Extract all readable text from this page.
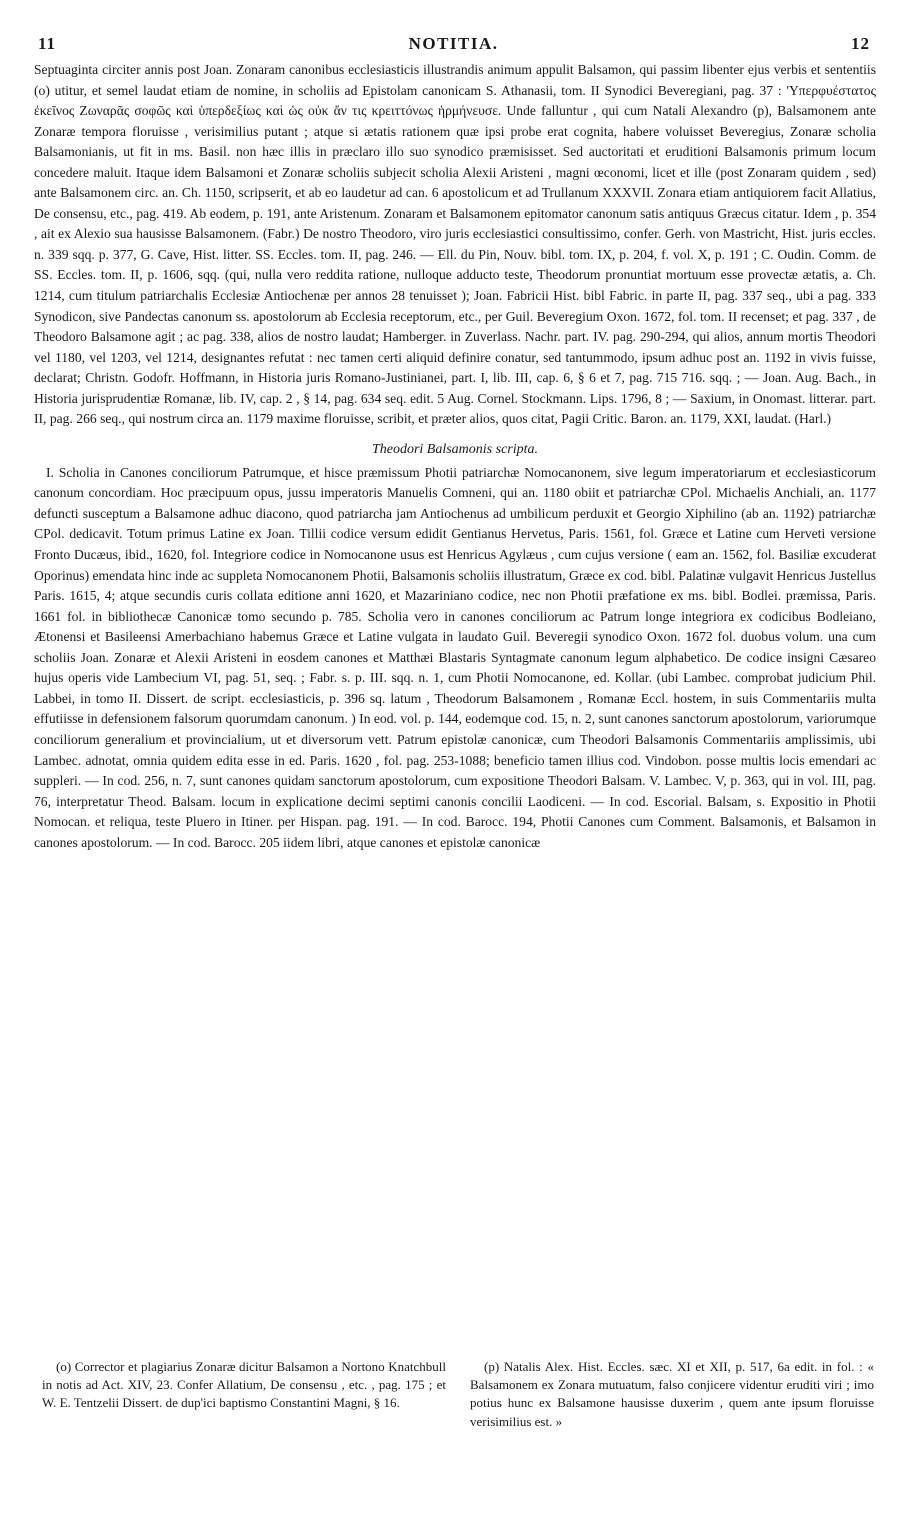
11	NOTITIA.	12

Septuaginta circiter annis post Joan. Zonaram canonibus ecclesiasticis illustrandis animum appulit Balsamon, qui passim libenter ejus verbis et sententiis (o) utitur, et semel laudat etiam de nomine, in scholiis ad Epistolam canonicam S. Athanasii, tom. II Synodici Beveregiani, pag. 37 : 'Υπερφυέστατος ἐκεῖνος Ζωναρᾶς σοφῶς καὶ ὑπερδεξίως καὶ ὡς οὐκ ἄν τις κρειττόνως ἡρμήνευσε. Unde falluntur , qui cum Natali Alexandro (p), Balsamonem ante Zonaræ tempora floruisse , verisimilius putant ; atque si ætatis rationem quæ ipsi probe erat cognita, habere voluisset Beveregius, Zonaræ scholia Balsamonianis, ut fit in ms. Basil. non hæc illis in præclaro illo suo synodico præmisisset. Sed auctoritati et eruditioni Balsamonis primum locum concedere maluit. Itaque idem Balsamoni et Zonaræ scholiis subjecit scholia Alexii Aristeni , magni œconomi, licet et ille (post Zonaram quidem , sed) ante Balsamonem circ. an. Ch. 1150, scripserit, et ab eo laudetur ad can. 6 apostolicum et ad Trullanum XXXVII. Zonara etiam antiquiorem facit Allatius, De consensu, etc., pag. 419. Ab eodem, p. 191, ante Aristenum. Zonaram et Balsamonem epitomator canonum satis antiquus Græcus citatur. Idem , p. 354 , ait ex Alexio sua hausisse Balsamonem. (Fabr.) De nostro Theodoro, viro juris ecclesiastici consultissimo, confer. Gerh. von Mastricht, Hist. juris eccles. n. 339 sqq. p. 377, G. Cave, Hist. litter. SS. Eccles. tom. II, pag. 246. — Ell. du Pin, Nouv. bibl. tom. IX, p. 204, f. vol. X, p. 191 ; C. Oudin. Comm. de SS. Eccles. tom. II, p. 1606, sqq. (qui, nulla vero reddita ratione, nulloque adducto teste, Theodorum pronuntiat mortuum esse provectæ ætatis, a. Ch. 1214, cum titulum patriarchalis Ecclesiæ Antiochenæ per annos 28 tenuisset ); Joan. Fabricii Hist. bibl Fabric. in parte II, pag. 337 seq., ubi a pag. 333 Synodicon, sive Pandectas canonum ss. apostolorum ab Ecclesia receptorum, etc., per Guil. Beveregium Oxon. 1672, fol. tom. II recenset; et pag. 337 , de Theodoro Balsamone agit ; ac pag. 338, alios de nostro laudat; Hamberger. in Zuverlass. Nachr. part. IV. pag. 290-294, qui alios, annum mortis Theodori vel 1180, vel 1203, vel 1214, designantes refutat : nec tamen certi aliquid definire conatur, sed tantummodo, ipsum adhuc post an. 1192 in vivis fuisse, declarat; Christn. Godofr. Hoffmann, in Historia juris Romano-Justinianei, part. I, lib. III, cap. 6, § 6 et 7, pag. 715 716. sqq. ; — Joan. Aug. Bach., in Historia jurisprudentiæ Romanæ, lib. IV, cap. 2 , § 14, pag. 634 seq. edit. 5 Aug. Cornel. Stockmann. Lips. 1796, 8 ; — Saxium, in Onomast. litterar. part. II, pag. 266 seq., qui nostrum circa an. 1179 maxime floruisse, scribit, et præter alios, quos citat, Pagii Critic. Baron. an. 1179, XXI, laudat. (Harl.)

Theodori Balsamonis scripta.

I. Scholia in Canones conciliorum Patrumque, et hisce præmissum Photii patriarchæ Nomocanonem, sive legum imperatoriarum et ecclesiasticorum canonum concordiam. Hoc præcipuum opus, jussu imperatoris Manuelis Comneni, qui an. 1180 obiit et patriarchæ CPol. Michaelis Anchiali, an. 1177 defuncti susceptum a Balsamone adhuc diacono, quod patriarcha jam Antiochenus ad umbilicum perduxit et Georgio Xiphilino (ab an. 1192) patriarchæ CPol. dedicavit. Totum primus Latine ex Joan. Tillii codice versum edidit Gentianus Hervetus, Paris. 1561, fol. Græce et Latine cum Herveti versione Fronto Ducæus, ibid., 1620, fol. Integriore codice in Nomocanone usus est Henricus Agylæus , cum cujus versione ( eam an. 1562, fol. Basiliæ excuderat Oporinus) emendata hinc inde ac suppleta Nomocanonem Photii, Balsamonis scholiis illustratum, Græce ex cod. bibl. Palatinæ vulgavit Henricus Justellus Paris. 1615, 4; atque secundis curis collata editione anni 1620, et Mazariniano codice, nec non Photii præfatione ex ms. bibl. Bodlei. præmissa, Paris. 1661 fol. in bibliothecæ Canonicæ tomo secundo p. 785. Scholia vero in canones conciliorum ac Patrum longe integriora ex codicibus Bodleiano, Ætonensi et Basileensi Amerbachiano habemus Græce et Latine vulgata in laudato Guil. Beveregii synodico Oxon. 1672 fol. duobus volum. una cum scholiis Joan. Zonaræ et Alexii Aristeni in eosdem canones et Matthæi Blastaris Syntagmate canonum legum alphabetico. De codice insigni Cæsareo hujus operis vide Lambecium VI, pag. 51, seq. ; Fabr. s. p. III. sqq. n. 1, cum Photii Nomocanone, ed. Kollar. (ubi Lambec. comprobat judicium Phil. Labbei, in tomo II. Dissert. de script. ecclesiasticis, p. 396 sq. latum , Theodorum Balsamonem , Romanæ Eccl. hostem, in suis Commentariis multa effutiisse in defensionem falsorum quorumdam canonum. ) In eod. vol. p. 144, eodemque cod. 15, n. 2, sunt canones sanctorum apostolorum, variorumque conciliorum generalium et provincialium, ut et diversorum vett. Patrum epistolæ canonicæ, cum Theodori Balsamonis Commentariis amplissimis, ubi Lambec. adnotat, omnia quidem edita esse in ed. Paris. 1620 , fol. pag. 253-1088; beneficio tamen illius cod. Vindobon. posse multis locis emendari ac suppleri. — In cod. 256, n. 7, sunt canones quidam sanctorum apostolorum, cum expositione Theodori Balsam. V. Lambec. V, p. 363, qui in vol. III, pag. 76, interpretatur Theod. Balsam. locum in explicatione decimi septimi canonis concilii Laodiceni. — In cod. Escorial. Balsam, s. Expositio in Photii Nomocan. et reliqua, teste Pluero in Itiner. per Hispan. pag. 191. — In cod. Barocc. 194, Photii Canones cum Comment. Balsamonis, et Balsamon in canones apostolorum. — In cod. Barocc. 205 iidem libri, atque canones et epistolæ canonicæ

(o) Corrector et plagiarius Zonaræ dicitur Balsamon a Nortono Knatchbull in notis ad Act. XIV, 23. Confer Allatium, De consensu , etc. , pag. 175 ; et W. E. Tentzelii Dissert. de dup'ici baptismo Constantini Magni, § 16.
(p) Natalis Alex. Hist. Eccles. sæc. XI et XII, p. 517, 6a edit. in fol. : « Balsamonem ex Zonara mutuatum, falso conjicere videntur eruditi viri ; imo potius hunc ex Balsamone hausisse duxerim , quem ante ipsum floruisse verisimilius est. »
